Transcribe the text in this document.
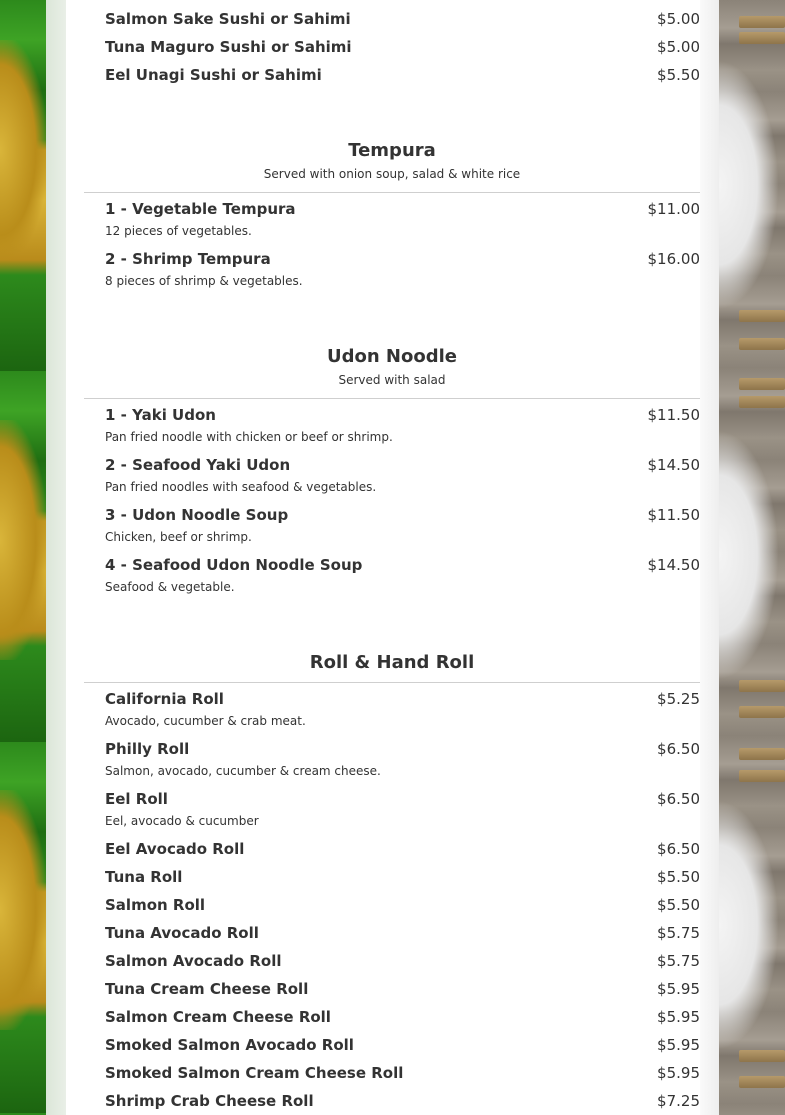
Salmon Sake Sushi or Sahimi	$5.00
Tuna Maguro Sushi or Sahimi	$5.00
Eel Unagi Sushi or Sahimi	$5.50
Tempura
Served with onion soup, salad & white rice
1 - Vegetable Tempura	$11.00
12 pieces of vegetables.
2 - Shrimp Tempura	$16.00
8 pieces of shrimp & vegetables.
Udon Noodle
Served with salad
1 - Yaki Udon	$11.50
Pan fried noodle with chicken or beef or shrimp.
2 - Seafood Yaki Udon	$14.50
Pan fried noodles with seafood & vegetables.
3 - Udon Noodle Soup	$11.50
Chicken, beef or shrimp.
4 - Seafood Udon Noodle Soup	$14.50
Seafood & vegetable.
Roll & Hand Roll
California Roll	$5.25
Avocado, cucumber & crab meat.
Philly Roll	$6.50
Salmon, avocado, cucumber & cream cheese.
Eel Roll	$6.50
Eel, avocado & cucumber
Eel Avocado Roll	$6.50
Tuna Roll	$5.50
Salmon Roll	$5.50
Tuna Avocado Roll	$5.75
Salmon Avocado Roll	$5.75
Tuna Cream Cheese Roll	$5.95
Salmon Cream Cheese Roll	$5.95
Smoked Salmon Avocado Roll	$5.95
Smoked Salmon Cream Cheese Roll	$5.95
Shrimp Crab Cheese Roll	$7.25
